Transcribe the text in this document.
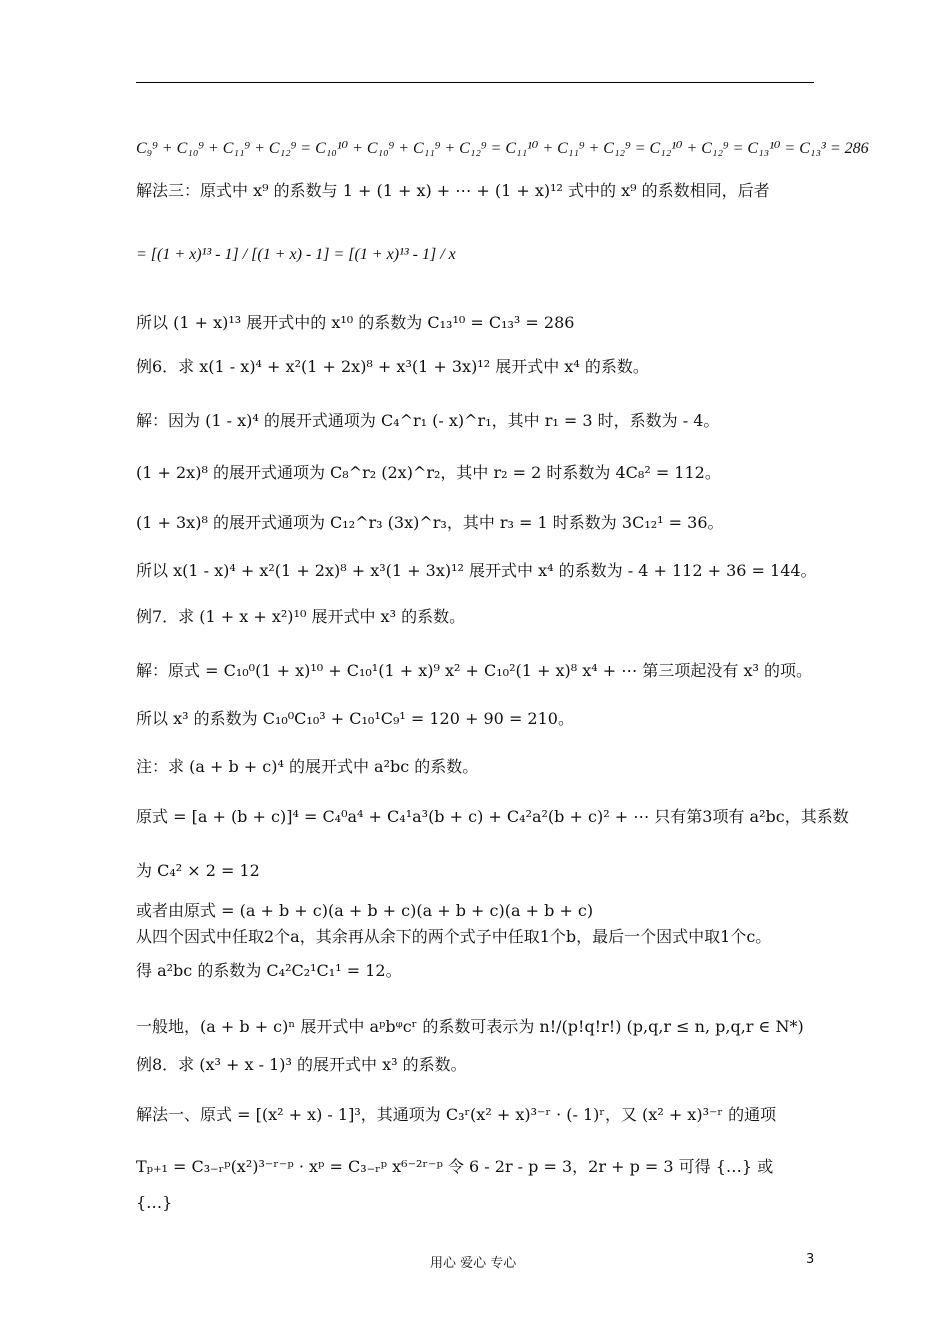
C₉⁹ + C₁₀⁹ + C₁₁⁹ + C₁₂⁹ = C₁₀¹⁰ + C₁₀⁹ + C₁₁⁹ + C₁₂⁹ = C₁₁¹⁰ + C₁₁⁹ + C₁₂⁹ = C₁₂¹⁰ + C₁₂⁹ = C₁₃¹⁰ = C₁₃³ = 286
解法三：原式中 x⁹ 的系数与 1 + (1 + x) + ⋯ + (1 + x)¹² 式中的 x⁹ 的系数相同，后者
= [(1 + x)¹³ - 1] / [(1 + x) - 1] = [(1 + x)¹³ - 1] / x
所以 (1 + x)¹³ 展开式中的 x¹⁰ 的系数为 C₁₃¹⁰ = C₁₃³ = 286
例6．求 x(1 - x)⁴ + x²(1 + 2x)⁸ + x³(1 + 3x)¹² 展开式中 x⁴ 的系数。
解：因为 (1 - x)⁴ 的展开式通项为 C₄^r₁ (- x)^r₁，其中 r₁ = 3 时，系数为 - 4。
(1 + 2x)⁸ 的展开式通项为 C₈^r₂ (2x)^r₂，其中 r₂ = 2 时系数为 4C₈² = 112。
(1 + 3x)⁸ 的展开式通项为 C₁₂^r₃ (3x)^r₃，其中 r₃ = 1 时系数为 3C₁₂¹ = 36。
所以 x(1 - x)⁴ + x²(1 + 2x)⁸ + x³(1 + 3x)¹² 展开式中 x⁴ 的系数为 - 4 + 112 + 36 = 144。
例7．求 (1 + x + x²)¹⁰ 展开式中 x³ 的系数。
解：原式 = C₁₀⁰(1 + x)¹⁰ + C₁₀¹(1 + x)⁹ x² + C₁₀²(1 + x)⁸ x⁴ + ⋯ 第三项起没有 x³ 的项。
所以 x³ 的系数为 C₁₀⁰C₁₀³ + C₁₀¹C₉¹ = 120 + 90 = 210。
注：求 (a + b + c)⁴ 的展开式中 a²bc 的系数。
原式 = [a + (b + c)]⁴ = C₄⁰a⁴ + C₄¹a³(b + c) + C₄²a²(b + c)² + ⋯ 只有第3项有 a²bc，其系数
为 C₄² × 2 = 12
或者由原式 = (a + b + c)(a + b + c)(a + b + c)(a + b + c)
从四个因式中任取2个a，其余再从余下的两个式子中任取1个b，最后一个因式中取1个c。
得 a²bc 的系数为 C₄²C₂¹C₁¹ = 12。
一般地，(a + b + c)ⁿ 展开式中 aᵖbᵠcʳ 的系数可表示为 n!/(p!q!r!) (p,q,r ≤ n, p,q,r ∈ N*)
例8．求 (x³ + x - 1)³ 的展开式中 x³ 的系数。
解法一、原式 = [(x² + x) - 1]³，其通项为 C₃ʳ(x² + x)³⁻ʳ · (- 1)ʳ，又 (x² + x)³⁻ʳ 的通项
Tₚ₊₁ = C₃₋ᵣᵖ(x²)³⁻ʳ⁻ᵖ · xᵖ = C₃₋ᵣᵖ x⁶⁻²ʳ⁻ᵖ 令 6 - 2r - p = 3，2r + p = 3 可得 {…} 或
{…}
用心 爱心 专心	3
